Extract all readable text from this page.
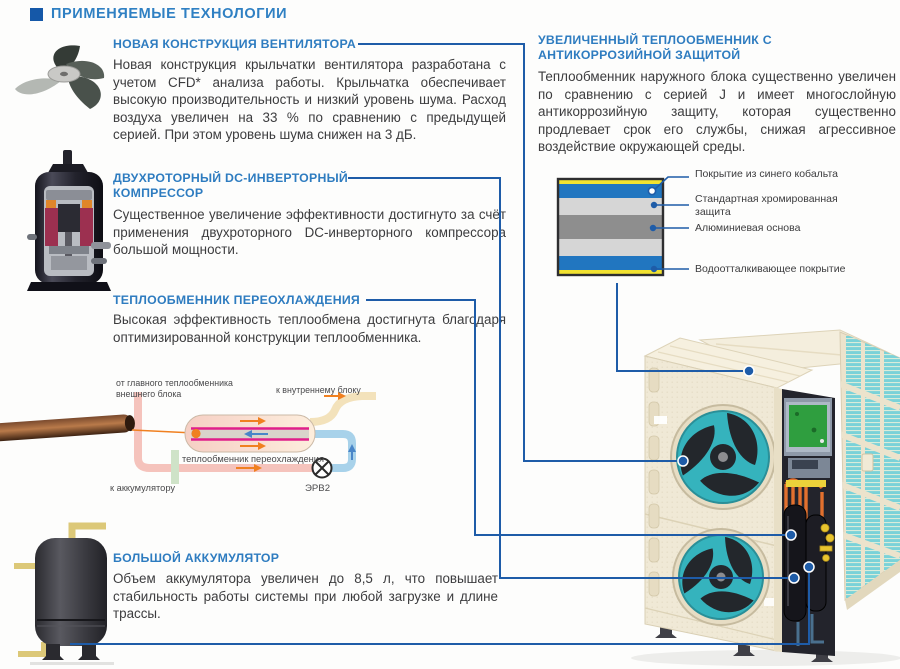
ПРИМЕНЯЕМЫЕ ТЕХНОЛОГИИ
НОВАЯ КОНСТРУКЦИЯ ВЕНТИЛЯТОРА
Новая конструкция крыльчатки вентилятора разработана с учетом CFD* анализа работы. Крыльчатка обеспечивает высокую производительность и низкий уровень шума. Расход воздуха увеличен на 33 % по сравнению с предыдущей серией. При этом уровень шума снижен на 3 дБ.
ДВУХРОТОРНЫЙ DC-ИНВЕРТОРНЫЙ КОМПРЕССОР
Существенное увеличение эффективности достигнуто за счёт применения двухроторного DC-инверторного компрессора большой мощности.
ТЕПЛООБМЕННИК ПЕРЕОХЛАЖДЕНИЯ
Высокая эффективность теплообмена достигнута благодаря оптимизированной конструкции теплообменника.
от главного теплообменника внешнего блока	к внутреннему блоку
теплообменник переохлаждения
к аккумулятору	ЭРВ2
БОЛЬШОЙ АККУМУЛЯТОР
Объем аккумулятора увеличен до 8,5 л, что повышает стабильность работы системы при любой загрузке и длине трассы.
УВЕЛИЧЕННЫЙ ТЕПЛООБМЕННИК С АНТИКОРРОЗИЙНОЙ ЗАЩИТОЙ
Теплообменник наружного блока существенно увеличен по сравнению с серией J и имеет многослойную антикоррозийную защиту, которая существенно продлевает срок его службы, снижая агрессивное воздействие окружающей среды.
Покрытие из синего кобальта
Стандартная хромированная защита
Алюминиевая основа
Водоотталкивающее покрытие
